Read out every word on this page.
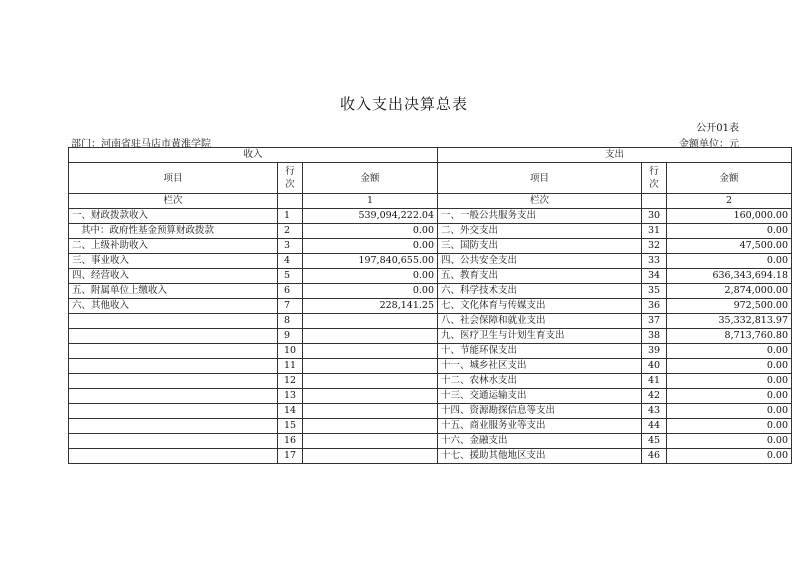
收入支出决算总表
公开01表
部门：河南省驻马店市黄淮学院	金额单位：元
收入			支出		
项目	行次	金额	项目	行次	金额
栏次		1	栏次		2
一、财政拨款收入	1	539,094,222.04	一、一般公共服务支出	30	160,000.00
其中：政府性基金预算财政拨款	2	0.00	二、外交支出	31	0.00
二、上级补助收入	3	0.00	三、国防支出	32	47,500.00
三、事业收入	4	197,840,655.00	四、公共安全支出	33	0.00
四、经营收入	5	0.00	五、教育支出	34	636,343,694.18
五、附属单位上缴收入	6	0.00	六、科学技术支出	35	2,874,000.00
六、其他收入	7	228,141.25	七、文化体育与传媒支出	36	972,500.00
	8		八、社会保障和就业支出	37	35,332,813.97
	9		九、医疗卫生与计划生育支出	38	8,713,760.80
	10		十、节能环保支出	39	0.00
	11		十一、城乡社区支出	40	0.00
	12		十二、农林水支出	41	0.00
	13		十三、交通运输支出	42	0.00
	14		十四、资源勘探信息等支出	43	0.00
	15		十五、商业服务业等支出	44	0.00
	16		十六、金融支出	45	0.00
	17		十七、援助其他地区支出	46	0.00
